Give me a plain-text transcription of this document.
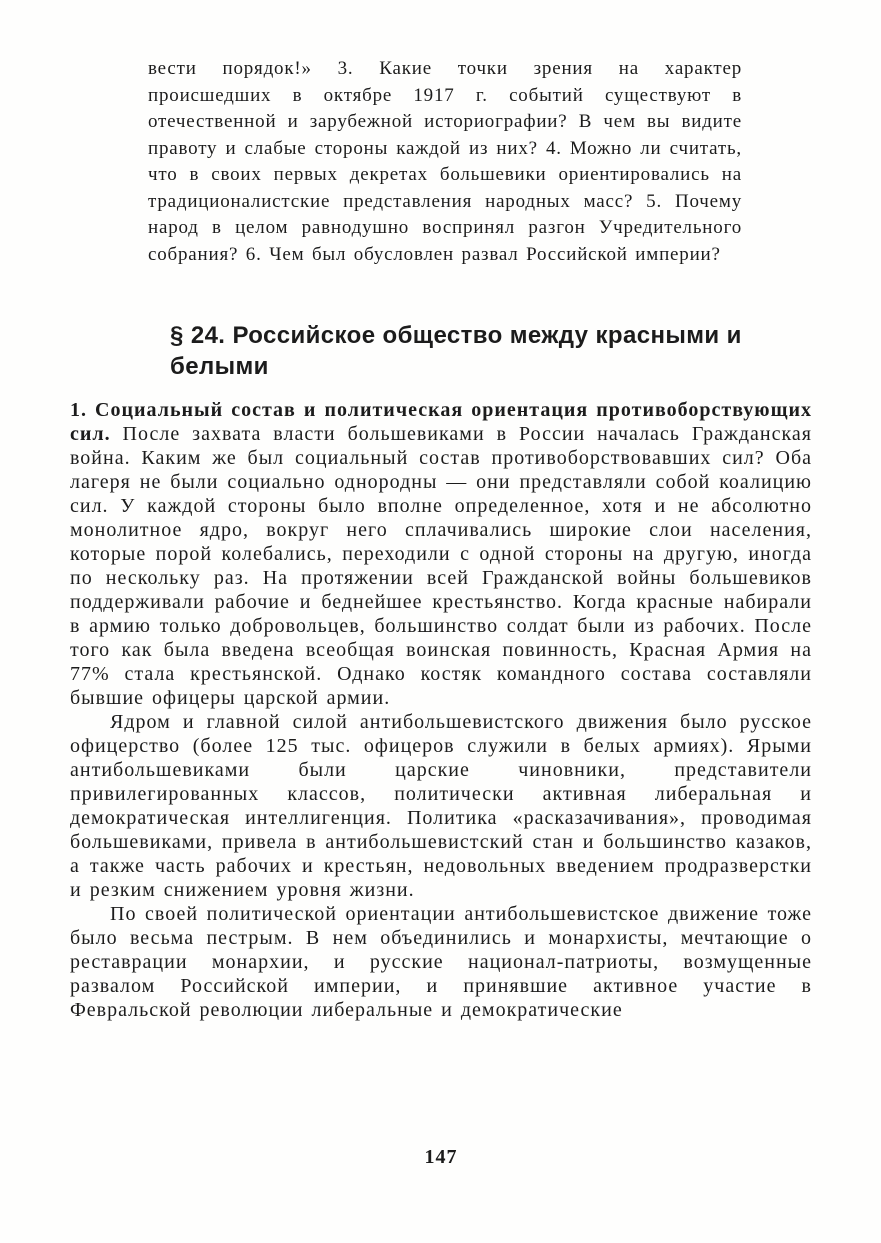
вести порядок!» 3. Какие точки зрения на характер происшедших в октябре 1917 г. событий существуют в отечественной и зарубежной историографии? В чем вы видите правоту и слабые стороны каждой из них? 4. Можно ли считать, что в своих первых декретах большевики ориентировались на традиционалистские представления народных масс? 5. Почему народ в целом равнодушно воспринял разгон Учредительного собрания? 6. Чем был обусловлен развал Российской империи?
§ 24. Российское общество между красными и белыми

1. Социальный состав и политическая ориентация противоборствующих сил. После захвата власти большевиками в России началась Гражданская война. Каким же был социальный состав противоборствовавших сил? Оба лагеря не были социально однородны — они представляли собой коалицию сил. У каждой стороны было вполне определенное, хотя и не абсолютно монолитное ядро, вокруг него сплачивались широкие слои населения, которые порой колебались, переходили с одной стороны на другую, иногда по нескольку раз. На протяжении всей Гражданской войны большевиков поддерживали рабочие и беднейшее крестьянство. Когда красные набирали в армию только добровольцев, большинство солдат были из рабочих. После того как была введена всеобщая воинская повинность, Красная Армия на 77% стала крестьянской. Однако костяк командного состава составляли бывшие офицеры царской армии.

Ядром и главной силой антибольшевистского движения было русское офицерство (более 125 тыс. офицеров служили в белых армиях). Ярыми антибольшевиками были царские чиновники, представители привилегированных классов, политически активная либеральная и демократическая интеллигенция. Политика «расказачивания», проводимая большевиками, привела в антибольшевистский стан и большинство казаков, а также часть рабочих и крестьян, недовольных введением продразверстки и резким снижением уровня жизни.

По своей политической ориентации антибольшевистское движение тоже было весьма пестрым. В нем объединились и монархисты, мечтающие о реставрации монархии, и русские национал-патриоты, возмущенные развалом Российской империи, и принявшие активное участие в Февральской революции либеральные и демократические

147
